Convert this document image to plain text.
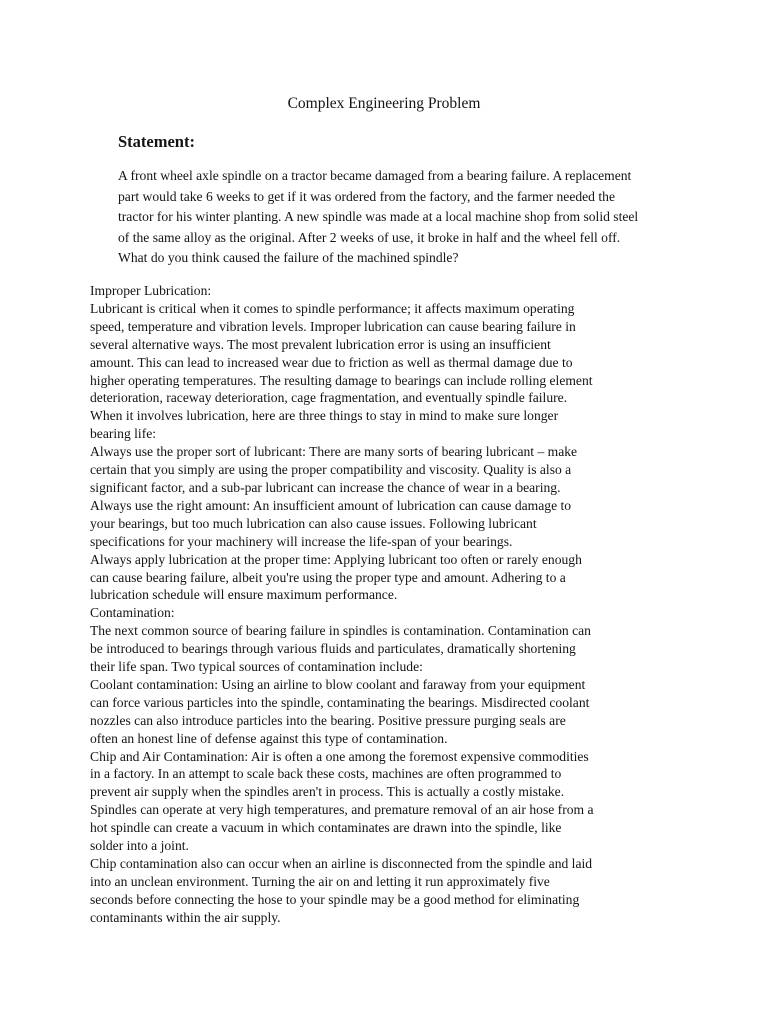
Complex Engineering Problem
Statement:
A front wheel axle spindle on a tractor became damaged from a bearing failure. A replacement
part would take 6 weeks to get if it was ordered from the factory, and the farmer needed the
tractor for his winter planting. A new spindle was made at a local machine shop from solid steel
of the same alloy as the original. After 2 weeks of use, it broke in half and the wheel fell off.
What do you think caused the failure of the machined spindle?
Improper Lubrication:
Lubricant is critical when it comes to spindle performance; it affects maximum operating
speed, temperature and vibration levels. Improper lubrication can cause bearing failure in
several alternative ways. The most prevalent lubrication error is using an insufficient
amount. This can lead to increased wear due to friction as well as thermal damage due to
higher operating temperatures. The resulting damage to bearings can include rolling element
deterioration, raceway deterioration, cage fragmentation, and eventually spindle failure.
When it involves lubrication, here are three things to stay in mind to make sure longer
bearing life:
Always use the proper sort of lubricant: There are many sorts of bearing lubricant – make
certain that you simply are using the proper compatibility and viscosity. Quality is also a
significant factor, and a sub-par lubricant can increase the chance of wear in a bearing.
Always use the right amount: An insufficient amount of lubrication can cause damage to
your bearings, but too much lubrication can also cause issues. Following lubricant
specifications for your machinery will increase the life-span of your bearings.
Always apply lubrication at the proper time: Applying lubricant too often or rarely enough
can cause bearing failure, albeit you're using the proper type and amount. Adhering to a
lubrication schedule will ensure maximum performance.
Contamination:
The next common source of bearing failure in spindles is contamination. Contamination can
be introduced to bearings through various fluids and particulates, dramatically shortening
their life span. Two typical sources of contamination include:
Coolant contamination: Using an airline to blow coolant and faraway from your equipment
can force various particles into the spindle, contaminating the bearings. Misdirected coolant
nozzles can also introduce particles into the bearing. Positive pressure purging seals are
often an honest line of defense against this type of contamination.
Chip and Air Contamination: Air is often a one among the foremost expensive commodities
in a factory. In an attempt to scale back these costs, machines are often programmed to
prevent air supply when the spindles aren't in process. This is actually a costly mistake.
Spindles can operate at very high temperatures, and premature removal of an air hose from a
hot spindle can create a vacuum in which contaminates are drawn into the spindle, like
solder into a joint.
Chip contamination also can occur when an airline is disconnected from the spindle and laid
into an unclean environment. Turning the air on and letting it run approximately five
seconds before connecting the hose to your spindle may be a good method for eliminating
contaminants within the air supply.
